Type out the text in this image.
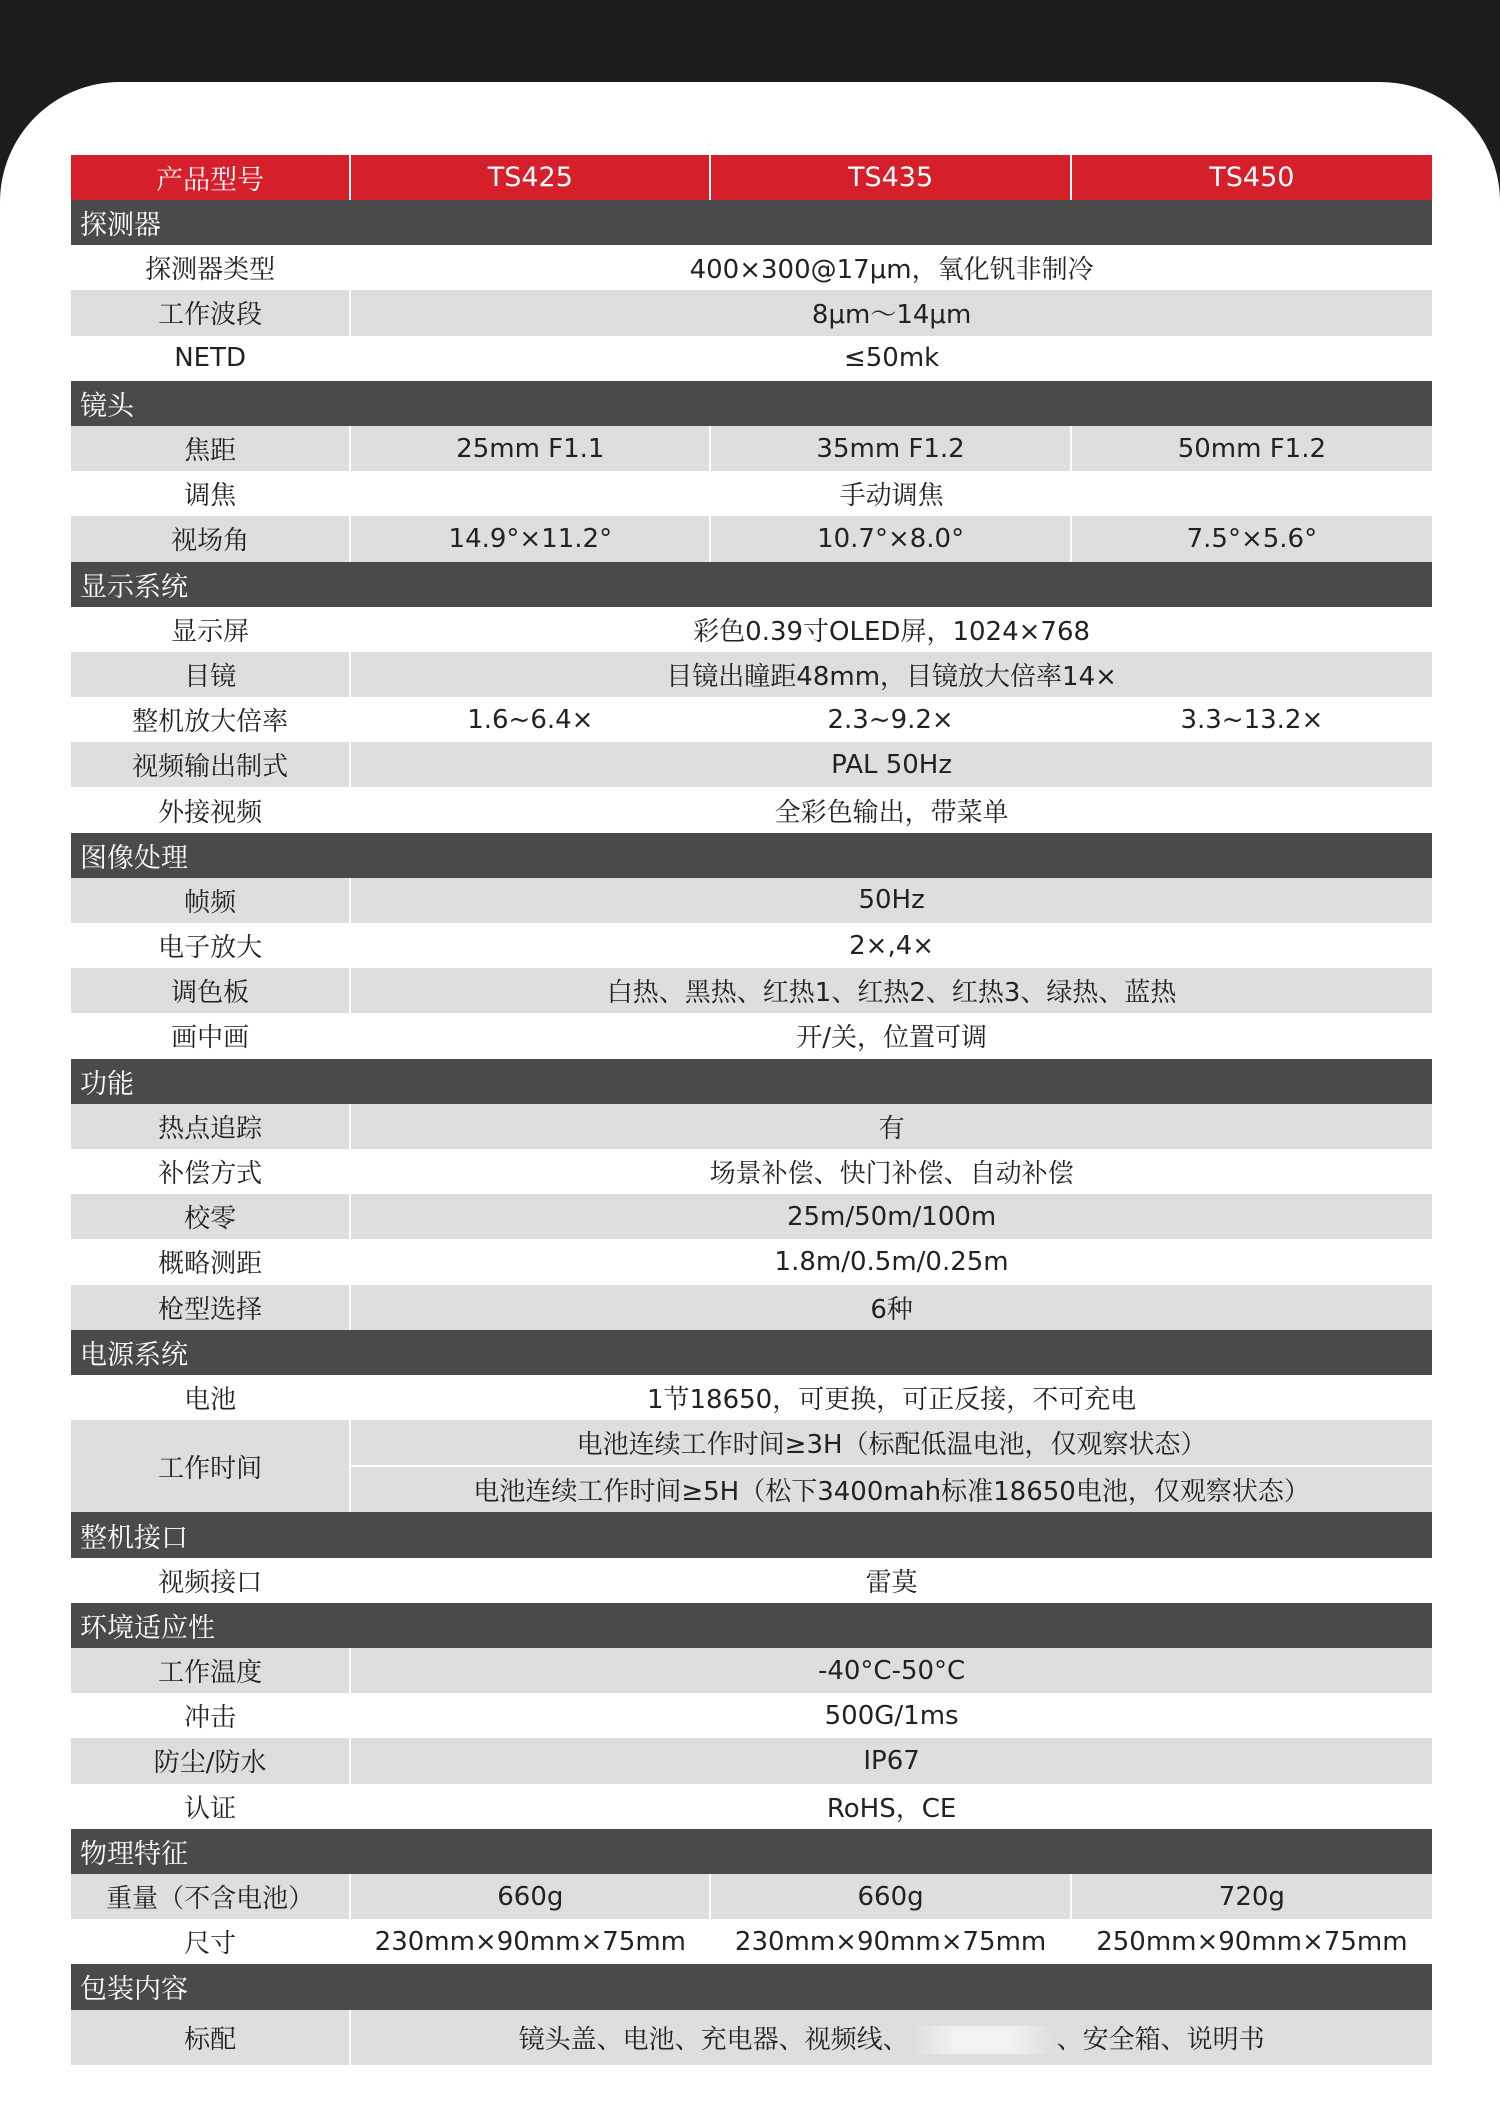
产品型号	TS425	TS435	TS450
探测器			
探测器类型	400×300@17μm，氧化钒非制冷		
工作波段	8μm～14μm		
NETD	≤50mk		
镜头			
焦距	25mm F1.1	35mm F1.2	50mm F1.2
调焦	手动调焦		
视场角	14.9°×11.2°	10.7°×8.0°	7.5°×5.6°
显示系统			
显示屏	彩色0.39寸OLED屏，1024×768		
目镜	目镜出瞳距48mm，目镜放大倍率14×		
整机放大倍率	1.6~6.4×	2.3~9.2×	3.3~13.2×
视频输出制式	PAL 50Hz		
外接视频	全彩色输出，带菜单		
图像处理			
帧频	50Hz		
电子放大	2×,4×		
调色板	白热、黑热、红热1、红热2、红热3、绿热、蓝热		
画中画	开/关，位置可调		
功能			
热点追踪	有		
补偿方式	场景补偿、快门补偿、自动补偿		
校零	25m/50m/100m		
概略测距	1.8m/0.5m/0.25m		
枪型选择	6种		
电源系统			
电池	1节18650，可更换，可正反接，不可充电		
工作时间	电池连续工作时间≥3H（标配低温电池，仅观察状态）		
	电池连续工作时间≥5H（松下3400mah标准18650电池，仅观察状态）		
整机接口			
视频接口	雷莫		
环境适应性			
工作温度	-40°C-50°C		
冲击	500G/1ms		
防尘/防水	IP67		
认证	RoHS，CE		
物理特征			
重量（不含电池）	660g	660g	720g
尺寸	230mm×90mm×75mm	230mm×90mm×75mm	250mm×90mm×75mm
包装内容			
标配	镜头盖、电池、充电器、视频线、 、安全箱、说明书		
